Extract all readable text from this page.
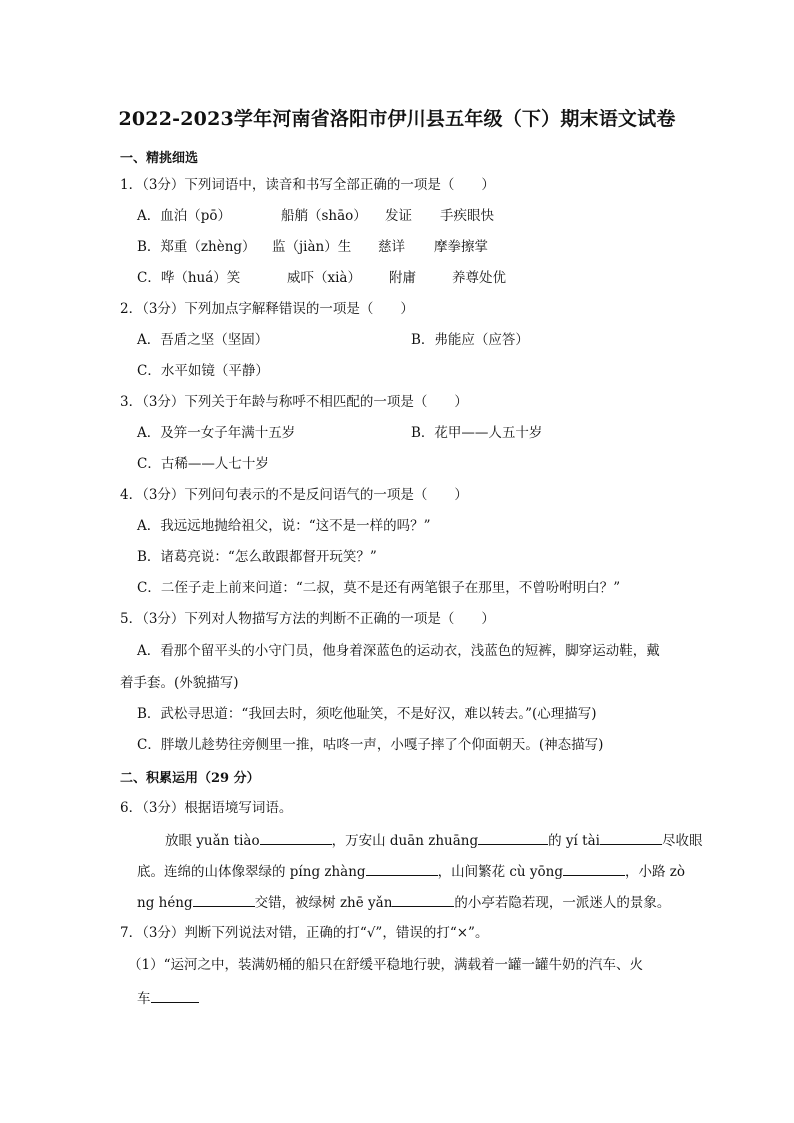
2022-2023学年河南省洛阳市伊川县五年级（下）期末语文试卷
一、精挑细选
1．（3分）下列词语中，读音和书写全部正确的一项是（　　）
A．血泊（pō）	船艄（shāo） 发证 手疾眼快
B．郑重（zhèng） 监（jiàn）生 慈详 摩拳擦掌
C．哗（huá）笑	威吓（xià） 附庸	养尊处优
2．（3分）下列加点字解释错误的一项是（　　）
A．吾盾之坚（坚固）	B．弗能应（应答）
C．水平如镜（平静）
3．（3分）下列关于年龄与称呼不相匹配的一项是（　　）
A．及笄一女子年满十五岁	B．花甲——人五十岁
C．古稀——人七十岁
4．（3分）下列问句表示的不是反问语气的一项是（　　）
A．我远远地抛给祖父，说：“这不是一样的吗？”
B．诸葛亮说：“怎么敢跟都督开玩笑？”
C．二侄子走上前来问道：“二叔，莫不是还有两笔银子在那里，不曾吩咐明白？”
5．（3分）下列对人物描写方法的判断不正确的一项是（　　）
A．看那个留平头的小守门员，他身着深蓝色的运动衣，浅蓝色的短裤，脚穿运动鞋，戴
着手套。(外貌描写)
B．武松寻思道：“我回去时，须吃他耻笑，不是好汉，难以转去。”(心理描写)
C．胖墩儿趁势往旁侧里一推，咕咚一声，小嘎子摔了个仰面朝天。(神态描写)
二、积累运用（29 分）
6．（3分）根据语境写词语。
放眼 yuǎn tiào	，万安山 duān zhuāng	的 yí tài	尽收眼
底。连绵的山体像翠绿的 píng zhàng	，山间繁花 cù yōng	，小路 zò
ng héng	交错，被绿树 zhē yǎn	的小亭若隐若现，一派迷人的景象。
7．（3分）判断下列说法对错，正确的打“√”，错误的打“×”。
（1）“运河之中，装满奶桶的船只在舒缓平稳地行驶，满载着一罐一罐牛奶的汽车、火
车
